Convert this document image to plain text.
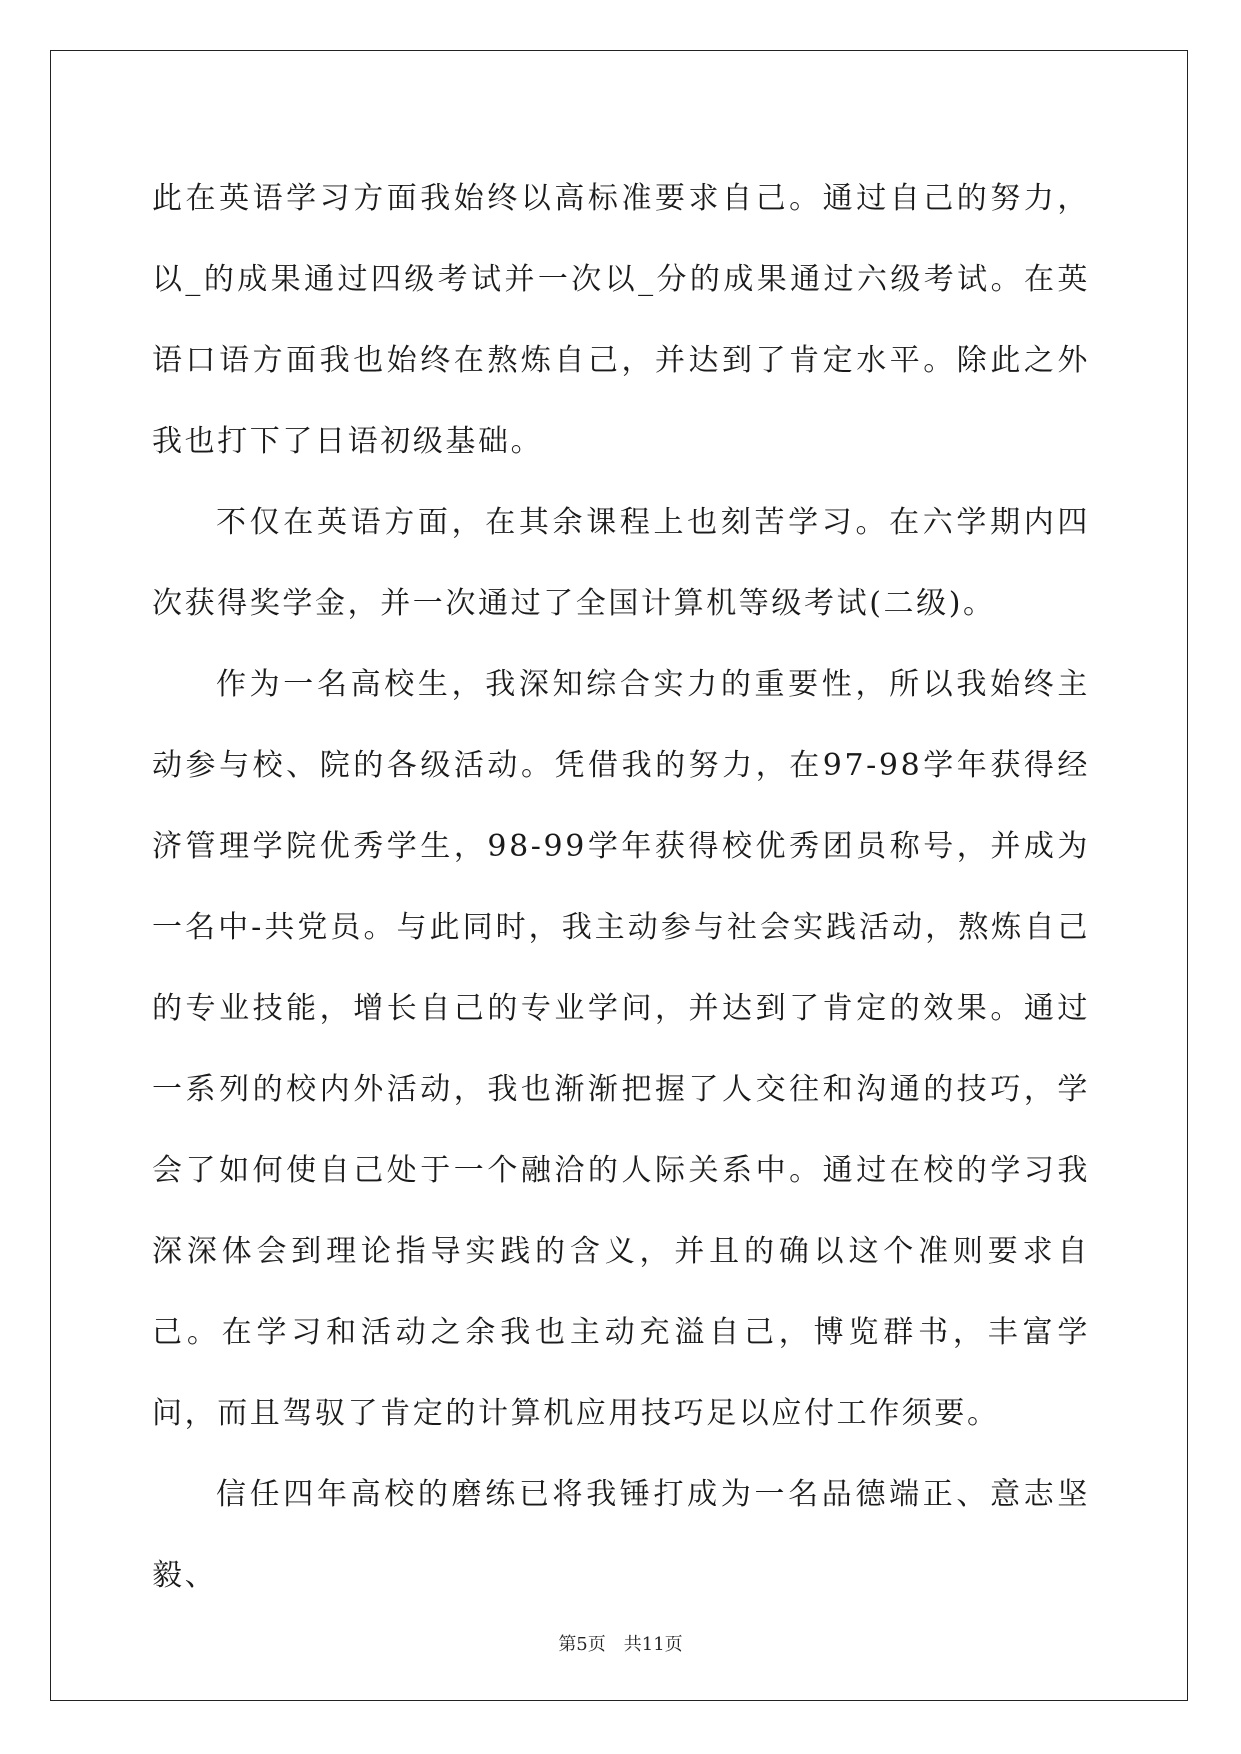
此在英语学习方面我始终以高标准要求自己。通过自己的努力，以_的成果通过四级考试并一次以_分的成果通过六级考试。在英语口语方面我也始终在熬炼自己，并达到了肯定水平。除此之外我也打下了日语初级基础。

不仅在英语方面，在其余课程上也刻苦学习。在六学期内四次获得奖学金，并一次通过了全国计算机等级考试(二级)。

作为一名高校生，我深知综合实力的重要性，所以我始终主动参与校、院的各级活动。凭借我的努力，在97-98学年获得经济管理学院优秀学生，98-99学年获得校优秀团员称号，并成为一名中-共党员。与此同时，我主动参与社会实践活动，熬炼自己的专业技能，增长自己的专业学问，并达到了肯定的效果。通过一系列的校内外活动，我也渐渐把握了人交往和沟通的技巧，学会了如何使自己处于一个融洽的人际关系中。通过在校的学习我深深体会到理论指导实践的含义，并且的确以这个准则要求自己。在学习和活动之余我也主动充溢自己，博览群书，丰富学问，而且驾驭了肯定的计算机应用技巧足以应付工作须要。

信任四年高校的磨练已将我锤打成为一名品德端正、意志坚毅、

第5页　共11页
